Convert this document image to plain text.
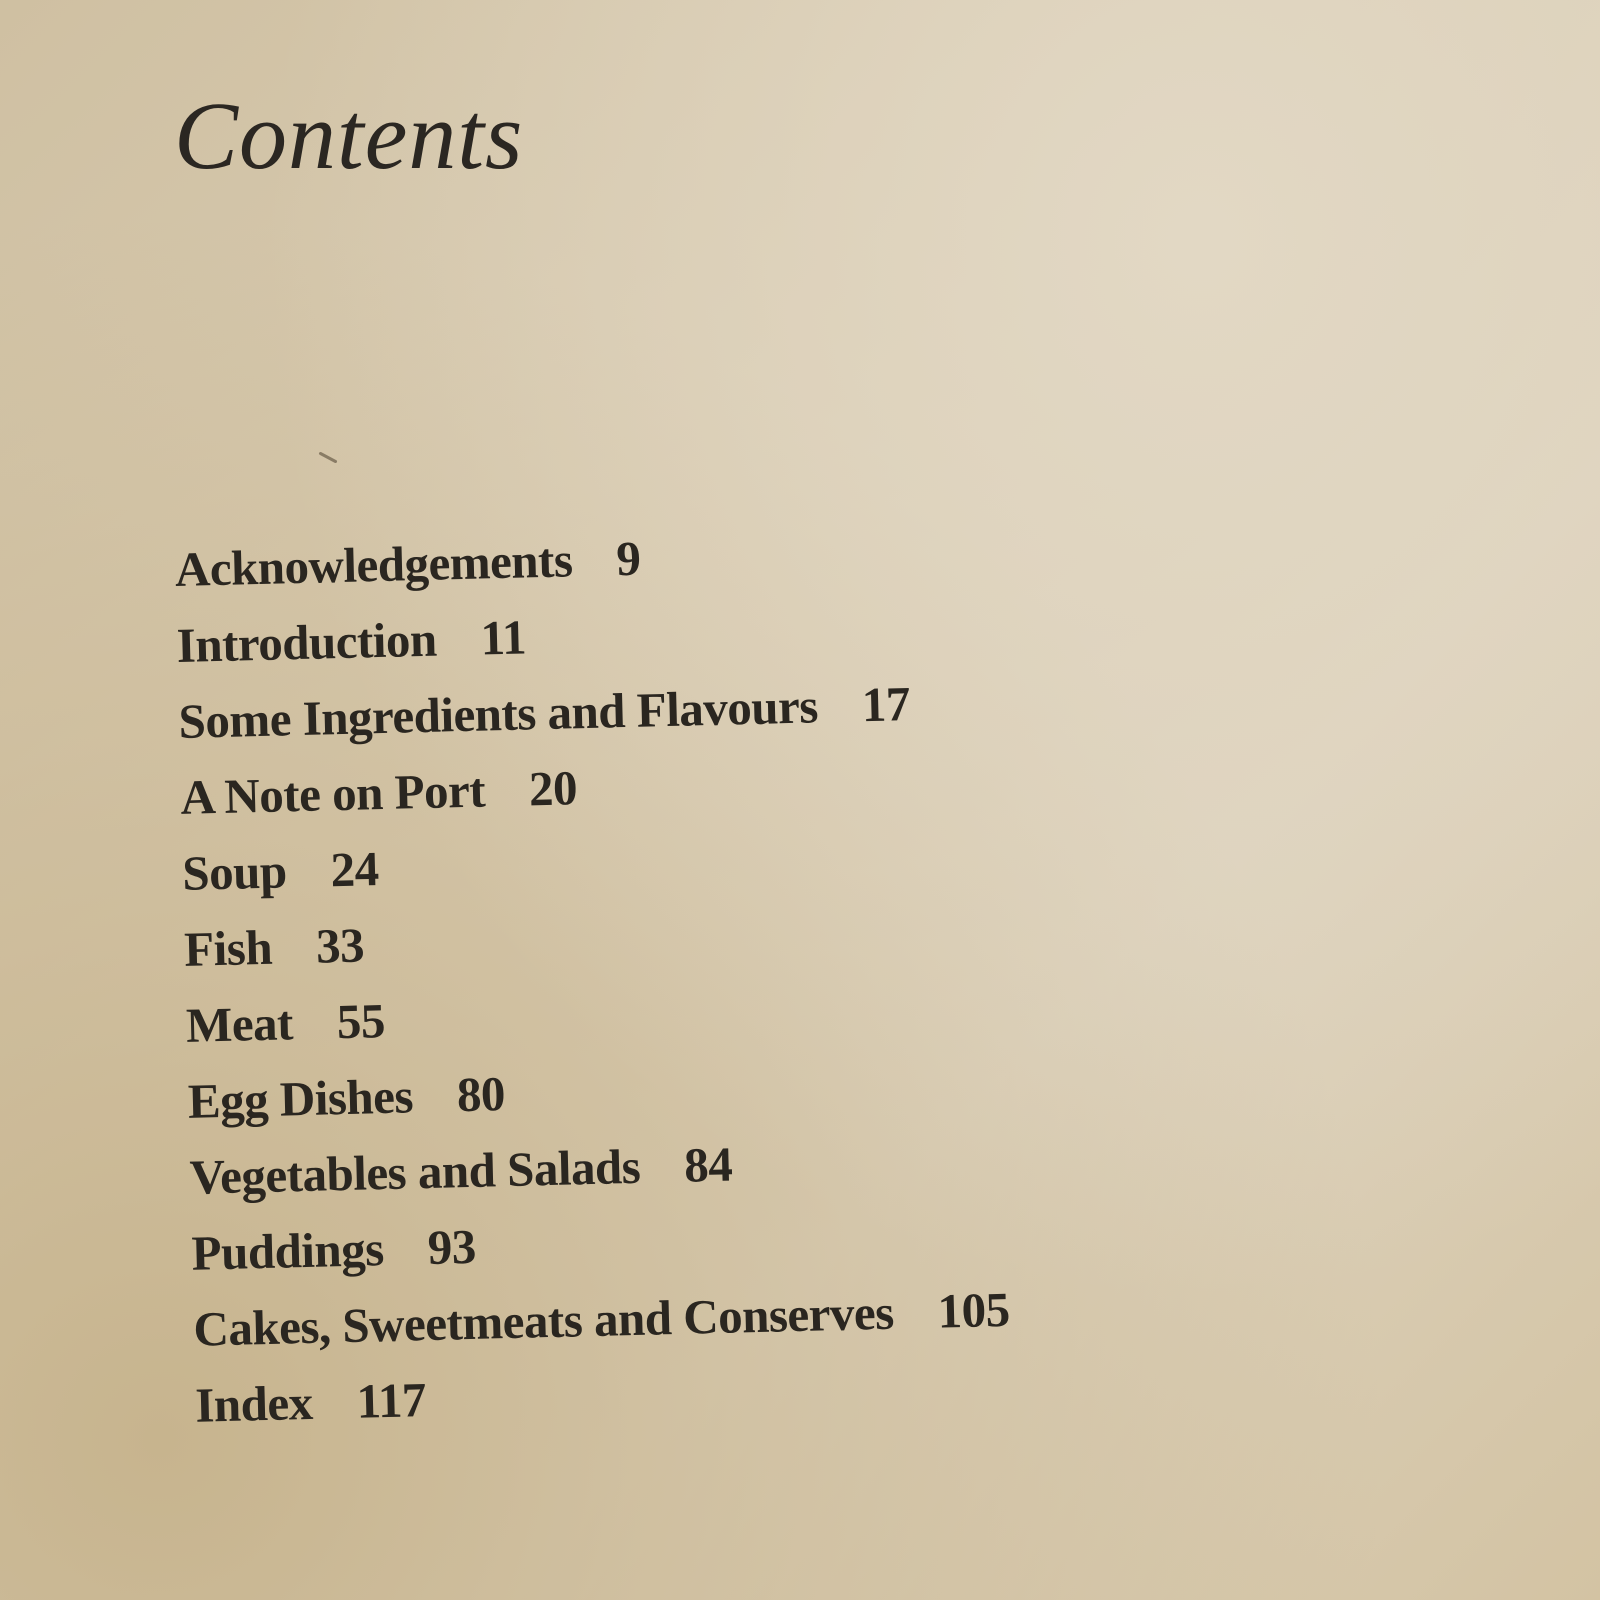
Contents
Acknowledgements 9
Introduction 11
Some Ingredients and Flavours 17
A Note on Port 20
Soup 24
Fish 33
Meat 55
Egg Dishes 80
Vegetables and Salads 84
Puddings 93
Cakes, Sweetmeats and Conserves 105
Index 117
